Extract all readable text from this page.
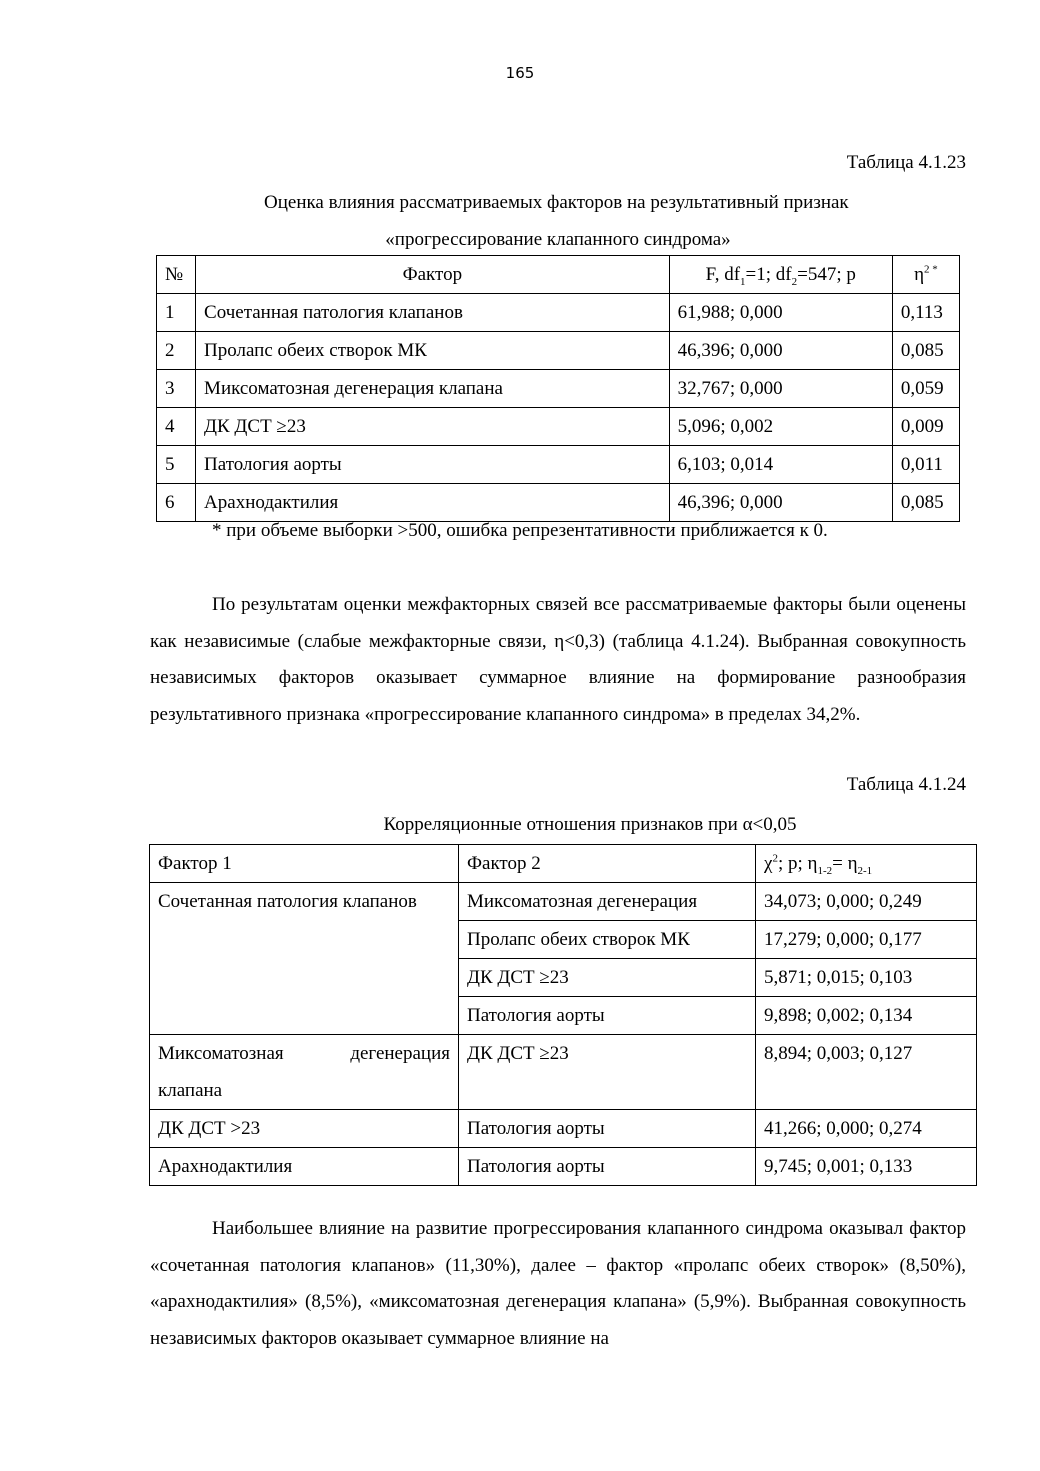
165
Таблица 4.1.23
Оценка влияния рассматриваемых факторов на результативный признак
«прогрессирование клапанного синдрома»
№	Фактор	F, $df_1=1$; $df_2=547$; p	$\eta^{2 *}$
1	Сочетанная патология клапанов	61,988; 0,000	0,113
2	Пролапс обеих створок МК	46,396; 0,000	0,085
3	Миксоматозная дегенерация клапана	32,767; 0,000	0,059
4	ДК ДСТ ≥23	5,096; 0,002	0,009
5	Патология аорты	6,103; 0,014	0,011
6	Арахнодактилия	46,396; 0,000	0,085
* при объеме выборки >500, ошибка репрезентативности приближается к 0.
По результатам оценки межфакторных связей все рассматриваемые факторы были оценены как независимые (слабые межфакторные связи, η<0,3) (таблица 4.1.24). Выбранная совокупность независимых факторов оказывает суммарное влияние на формирование разнообразия результативного признака «прогрессирование клапанного синдрома» в пределах 34,2%.
Таблица 4.1.24
Корреляционные отношения признаков при α<0,05
Фактор 1	Фактор 2	$\chi^2$; p; $\eta_{1-2}= \eta_{2-1}$
Сочетанная патология клапанов	Миксоматозная дегенерация	34,073; 0,000; 0,249
	Пролапс обеих створок МК	17,279; 0,000; 0,177
	ДК ДСТ ≥23	5,871; 0,015; 0,103
	Патология аорты	9,898; 0,002; 0,134

Миксоматозная дегенерация
клапана	ДК ДСТ ≥23	8,894; 0,003; 0,127
ДК ДСТ >23	Патология аорты	41,266; 0,000; 0,274
Арахнодактилия	Патология аорты	9,745; 0,001; 0,133
Наибольшее влияние на развитие прогрессирования клапанного синдрома оказывал фактор «сочетанная патология клапанов» (11,30%), далее – фактор «пролапс обеих створок» (8,50%), «арахнодактилия» (8,5%), «миксоматозная дегенерация клапана» (5,9%). Выбранная совокупность независимых факторов оказывает суммарное влияние на
